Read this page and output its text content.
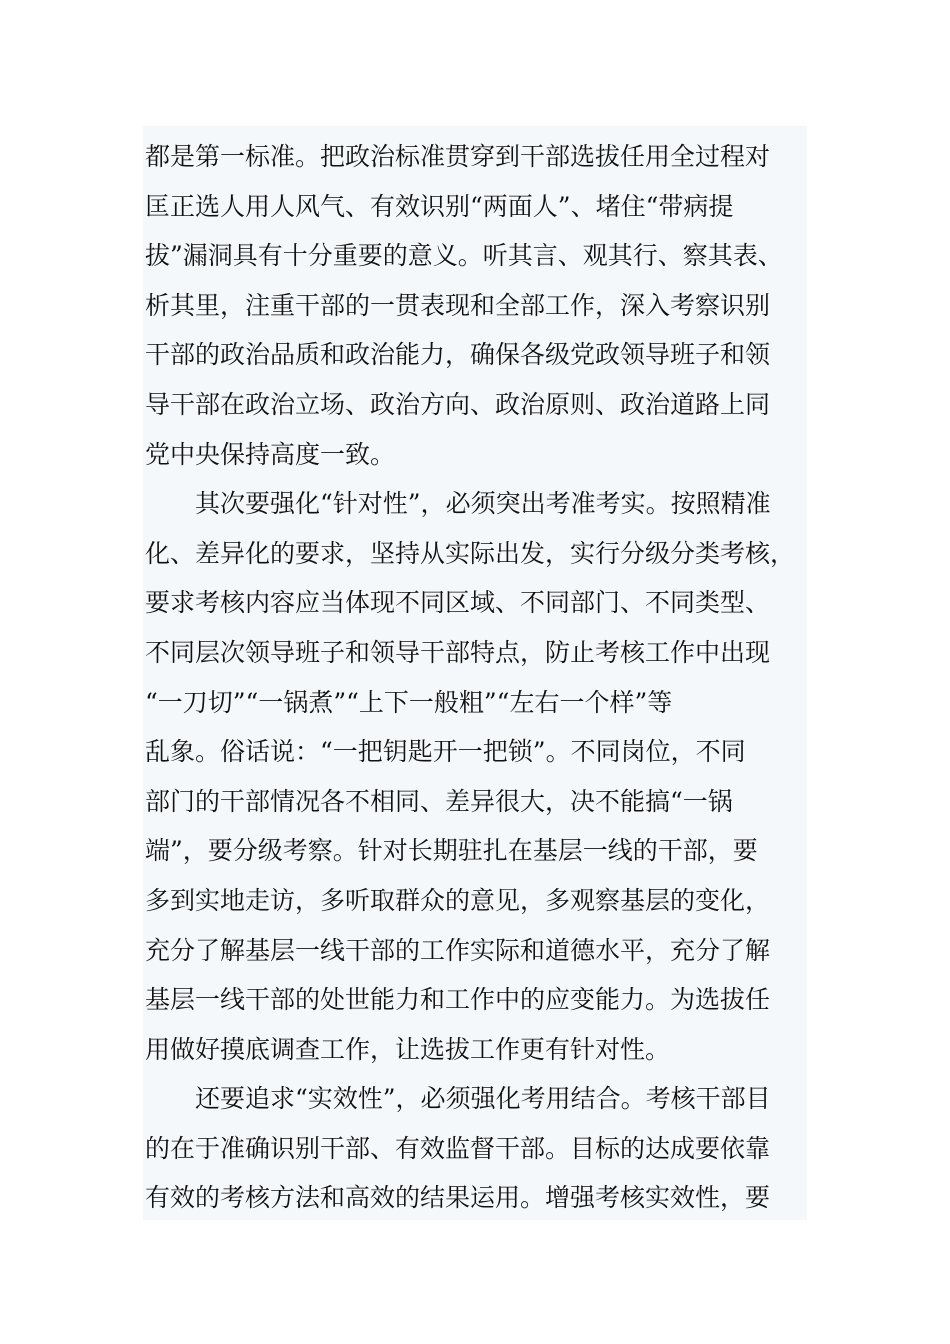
都是第一标准。把政治标准贯穿到干部选拔任用全过程对
匡正选人用人风气、有效识别“两面人”、堵住“带病提
拔”漏洞具有十分重要的意义。听其言、观其行、察其表、
析其里，注重干部的一贯表现和全部工作，深入考察识别
干部的政治品质和政治能力，确保各级党政领导班子和领
导干部在政治立场、政治方向、政治原则、政治道路上同
党中央保持高度一致。
　　其次要强化“针对性”，必须突出考准考实。按照精准
化、差异化的要求，坚持从实际出发，实行分级分类考核，
要求考核内容应当体现不同区域、不同部门、不同类型、
不同层次领导班子和领导干部特点，防止考核工作中出现
“一刀切”“一锅煮”“上下一般粗”“左右一个样”等
乱象。俗话说：“一把钥匙开一把锁”。不同岗位，不同
部门的干部情况各不相同、差异很大，决不能搞“一锅
端”，要分级考察。针对长期驻扎在基层一线的干部，要
多到实地走访，多听取群众的意见，多观察基层的变化，
充分了解基层一线干部的工作实际和道德水平，充分了解
基层一线干部的处世能力和工作中的应变能力。为选拔任
用做好摸底调查工作，让选拔工作更有针对性。
　　还要追求“实效性”，必须强化考用结合。考核干部目
的在于准确识别干部、有效监督干部。目标的达成要依靠
有效的考核方法和高效的结果运用。增强考核实效性，要
